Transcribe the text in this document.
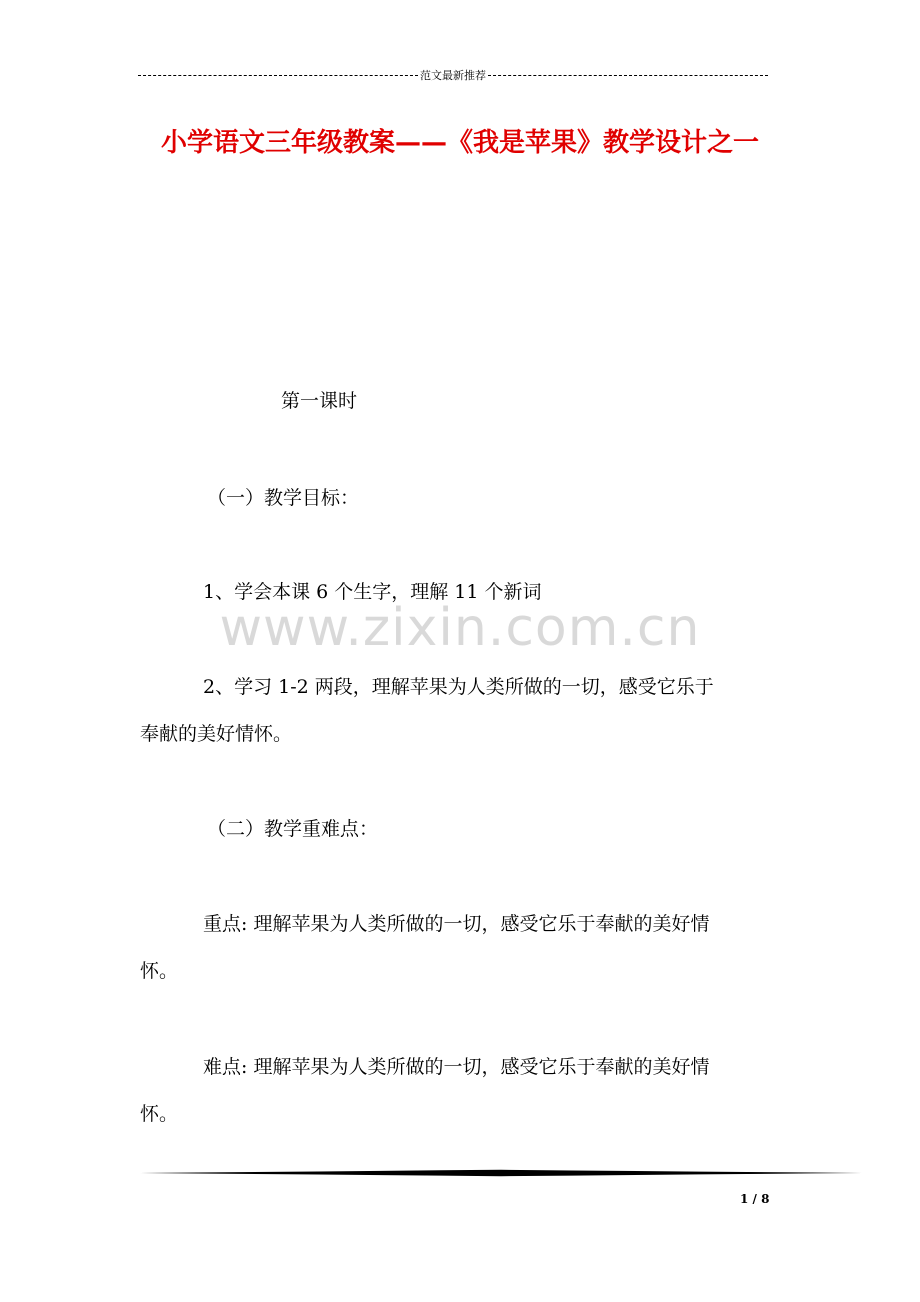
范文最新推荐
小学语文三年级教案——《我是苹果》教学设计之一
第一课时
（一）教学目标：
1、学会本课 6 个生字，理解 11 个新词
2、学习 1-2 两段，理解苹果为人类所做的一切，感受它乐于
奉献的美好情怀。
（二）教学重难点：
重点: 理解苹果为人类所做的一切，感受它乐于奉献的美好情
怀。
难点: 理解苹果为人类所做的一切，感受它乐于奉献的美好情
怀。
www.zixin.com.cn
1 / 8
